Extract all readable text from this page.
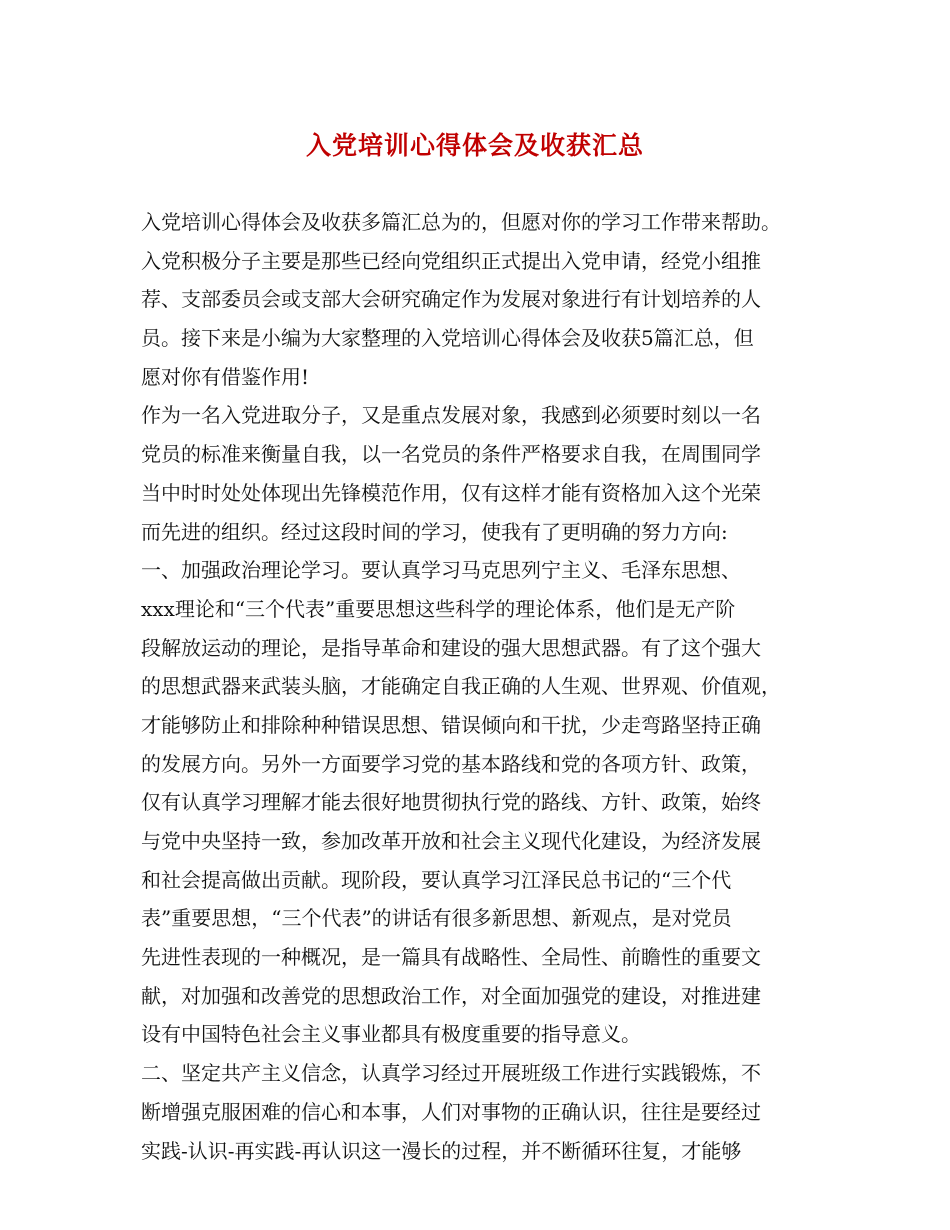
入党培训心得体会及收获汇总
入党培训心得体会及收获多篇汇总为的，但愿对你的学习工作带来帮助。
入党积极分子主要是那些已经向党组织正式提出入党申请，经党小组推
荐、支部委员会或支部大会研究确定作为发展对象进行有计划培养的人
员。接下来是小编为大家整理的入党培训心得体会及收获5篇汇总，但
愿对你有借鉴作用!
作为一名入党进取分子，又是重点发展对象，我感到必须要时刻以一名
党员的标准来衡量自我，以一名党员的条件严格要求自我，在周围同学
当中时时处处体现出先锋模范作用，仅有这样才能有资格加入这个光荣
而先进的组织。经过这段时间的学习，使我有了更明确的努力方向:
一、加强政治理论学习。要认真学习马克思列宁主义、毛泽东思想、
xxx理论和“三个代表”重要思想这些科学的理论体系，他们是无产阶
段解放运动的理论，是指导革命和建设的强大思想武器。有了这个强大
的思想武器来武装头脑，才能确定自我正确的人生观、世界观、价值观，
才能够防止和排除种种错误思想、错误倾向和干扰，少走弯路坚持正确
的发展方向。另外一方面要学习党的基本路线和党的各项方针、政策，
仅有认真学习理解才能去很好地贯彻执行党的路线、方针、政策，始终
与党中央坚持一致，参加改革开放和社会主义现代化建设，为经济发展
和社会提高做出贡献。现阶段，要认真学习江泽民总书记的“三个代
表”重要思想，“三个代表”的讲话有很多新思想、新观点，是对党员
先进性表现的一种概况，是一篇具有战略性、全局性、前瞻性的重要文
献，对加强和改善党的思想政治工作，对全面加强党的建设，对推进建
设有中国特色社会主义事业都具有极度重要的指导意义。
二、坚定共产主义信念，认真学习经过开展班级工作进行实践锻炼，不
断增强克服困难的信心和本事，人们对事物的正确认识，往往是要经过
实践-认识-再实践-再认识这一漫长的过程，并不断循环往复，才能够
